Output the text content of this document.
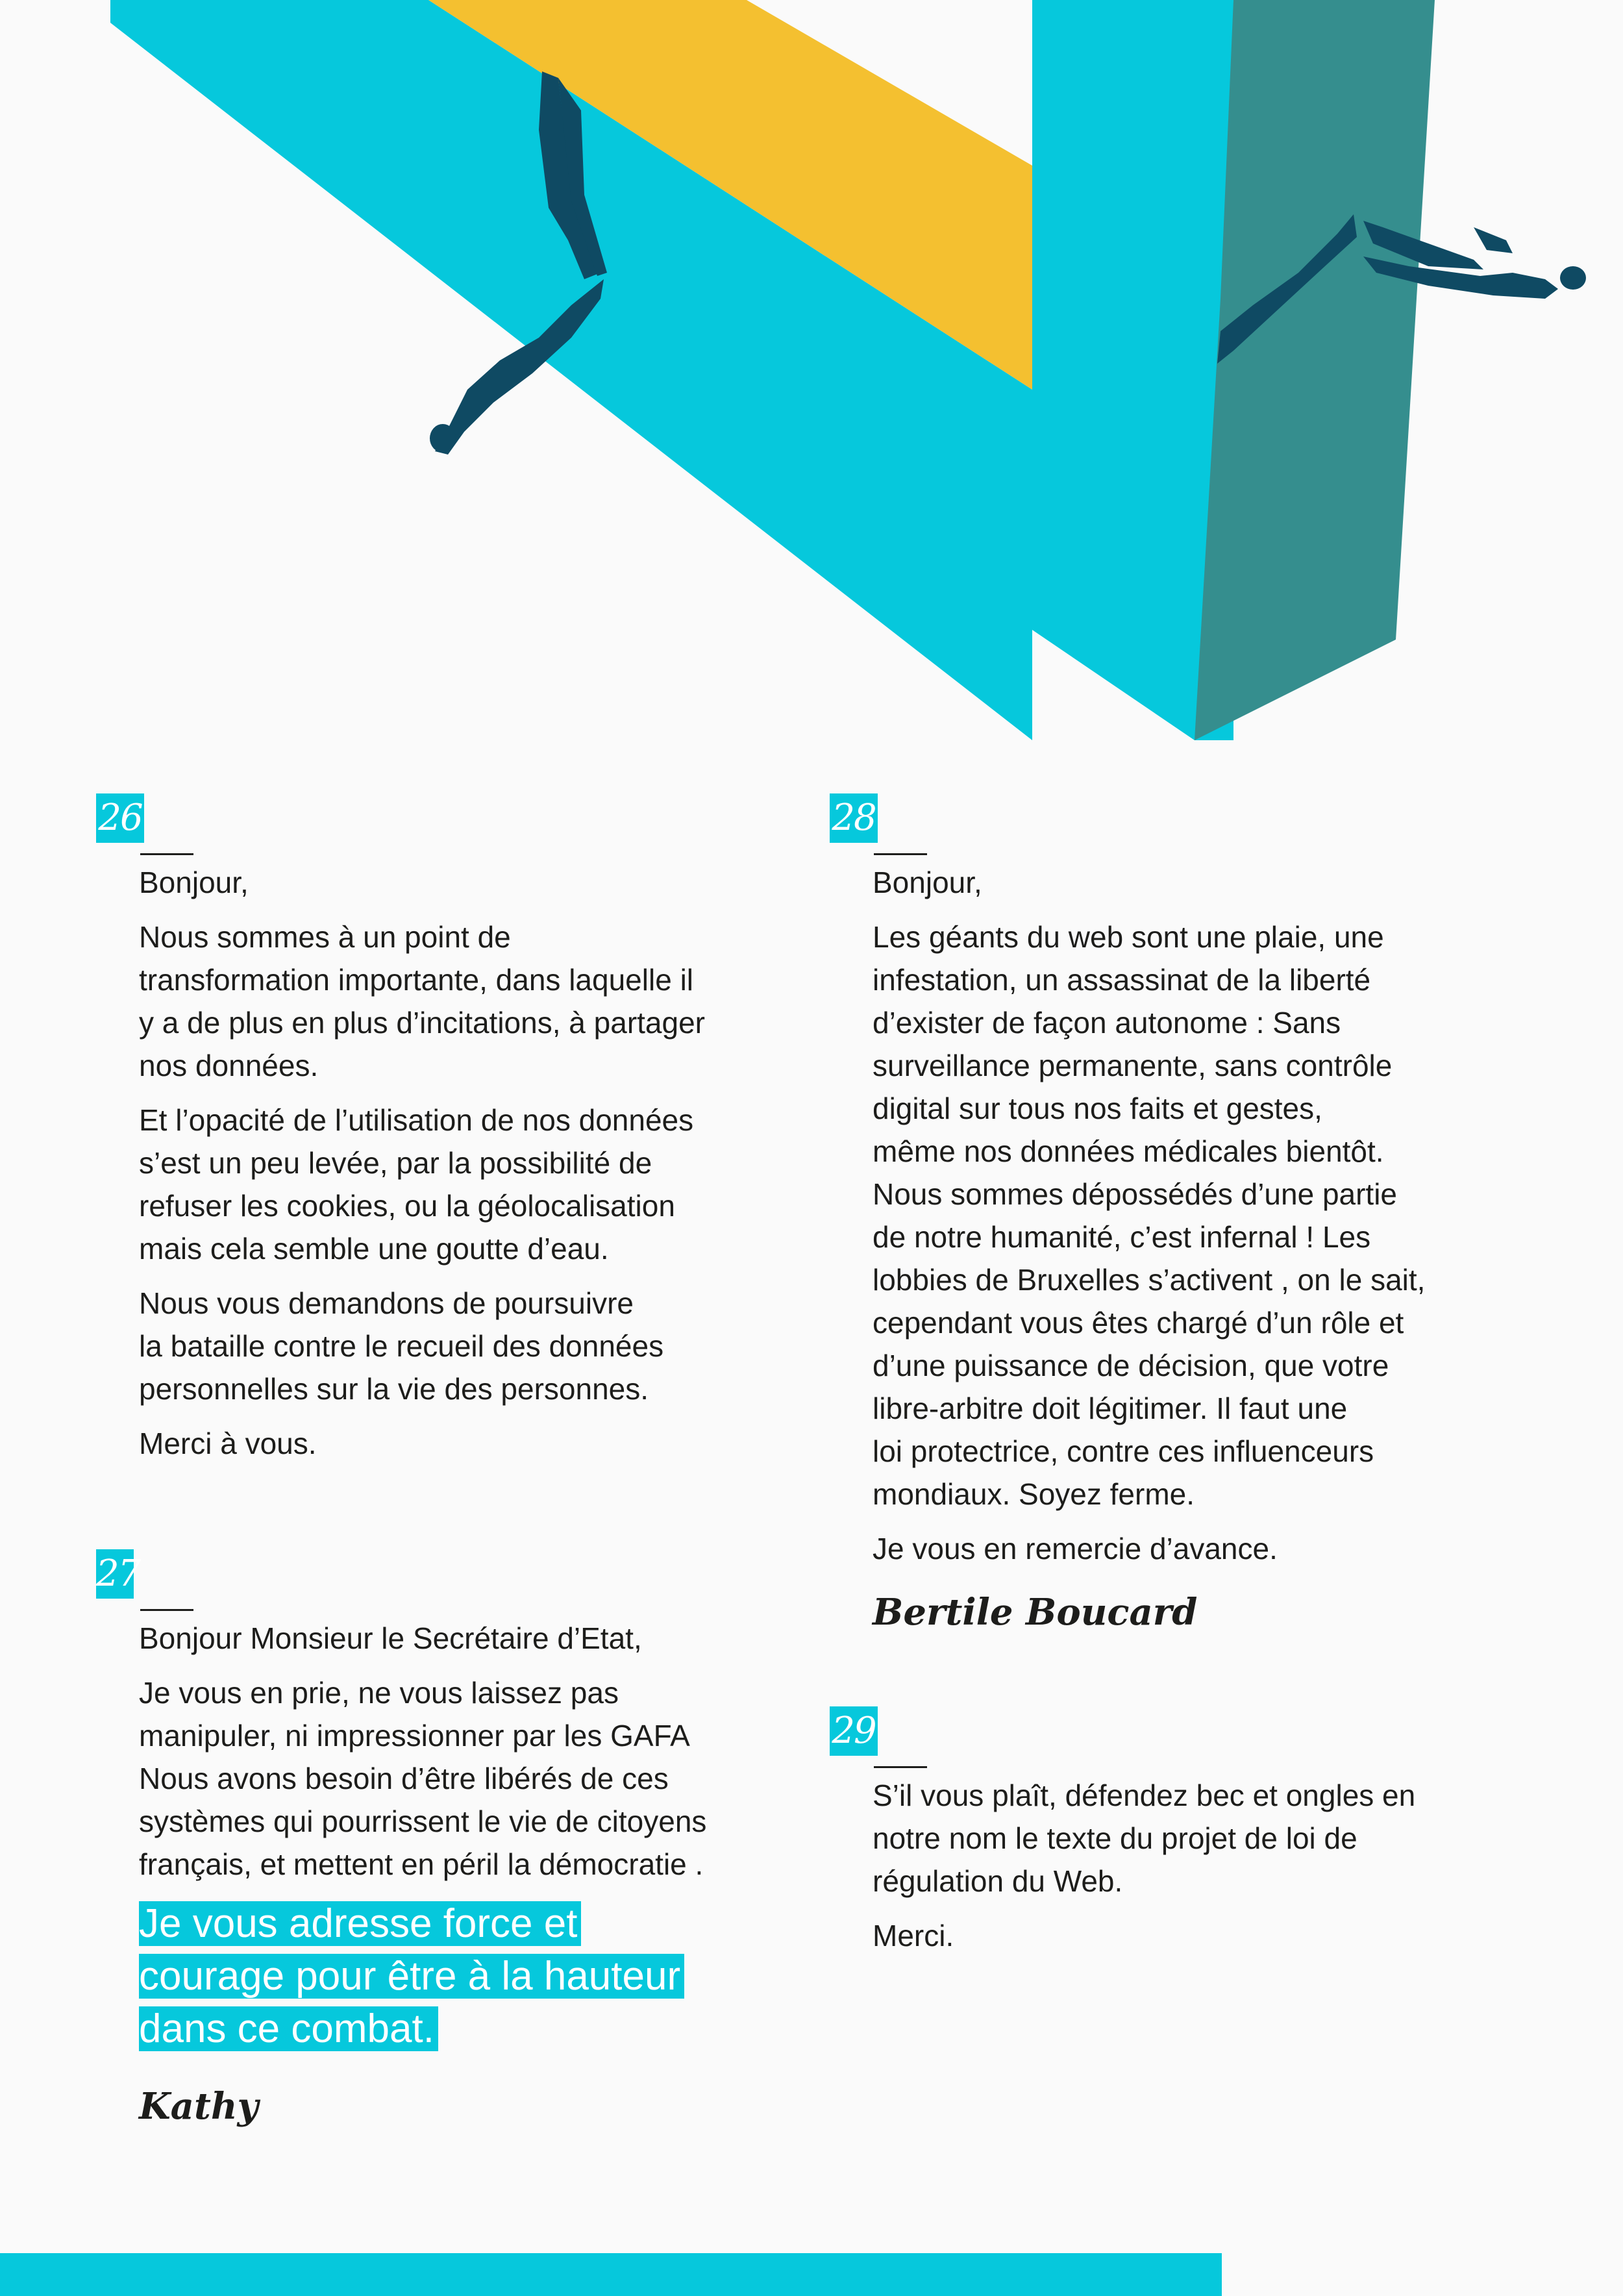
26

Bonjour,

Nous sommes à un point de
transformation importante, dans laquelle il
y a de plus en plus d’incitations, à partager
nos données.

Et l’opacité de l’utilisation de nos données
s’est un peu levée, par la possibilité de
refuser les cookies, ou la géolocalisation
mais cela semble une goutte d’eau.

Nous vous demandons de poursuivre
la bataille contre le recueil des données
personnelles sur la vie des personnes.

Merci à vous.

27

Bonjour Monsieur le Secrétaire d’Etat,

Je vous en prie, ne vous laissez pas
manipuler, ni impressionner par les GAFA
Nous avons besoin d’être libérés de ces
systèmes qui pourrissent le vie de citoyens
français, et mettent en péril la démocratie .

Je vous adresse force et courage pour être à la hauteur dans ce combat.
Kathy
28

Bonjour,

Les géants du web sont une plaie, une
infestation, un assassinat de la liberté
d’exister de façon autonome : Sans
surveillance permanente, sans contrôle
digital sur tous nos faits et gestes,
même nos données médicales bientôt.
Nous sommes dépossédés d’une partie
de notre humanité, c’est infernal ! Les
lobbies de Bruxelles s’activent , on le sait,
cependant vous êtes chargé d’un rôle et
d’une puissance de décision, que votre
libre-arbitre doit légitimer. Il faut une
loi protectrice, contre ces influenceurs
mondiaux. Soyez ferme.

Je vous en remercie d’avance.

Bertile Boucard
29

S’il vous plaît, défendez bec et ongles en
notre nom le texte du projet de loi de
régulation du Web.

Merci.
